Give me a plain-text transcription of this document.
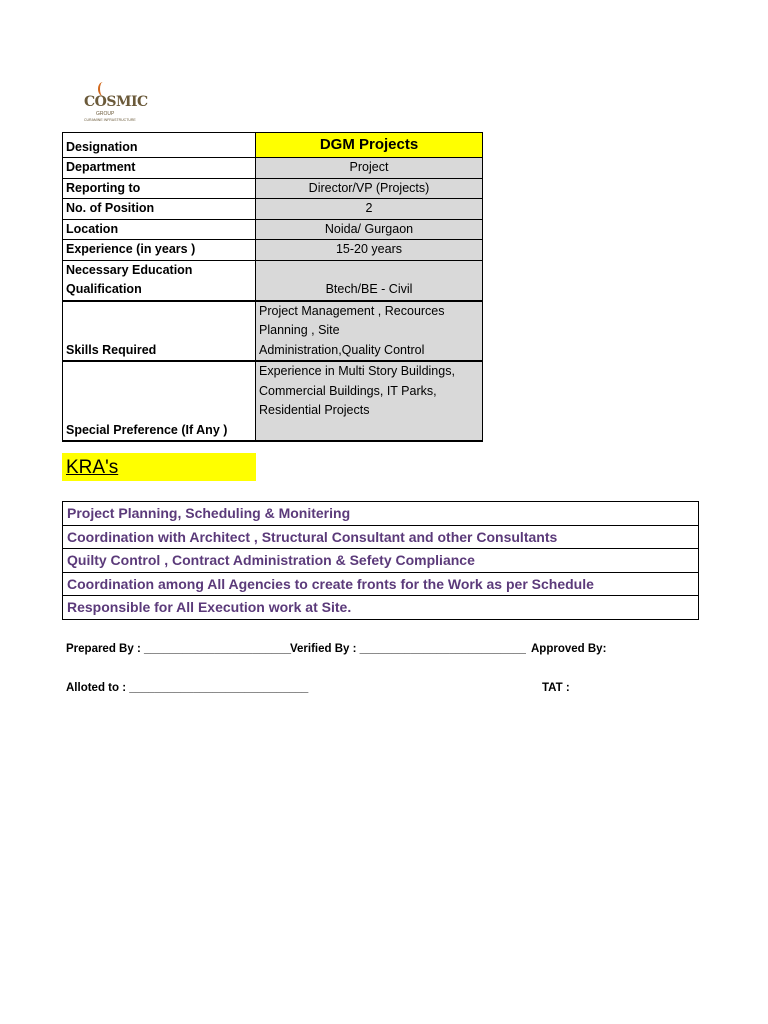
COSMIC
GROUP
CURAMINE INFRASTRUCTURE
Designation	DGM Projects
Department	Project
Reporting to	Director/VP (Projects)
No. of Position	2
Location	Noida/ Gurgaon
Experience (in years )	15-20 years

Necessary Education
Qualification	Btech/BE - Civil
Skills Required	Project Management , Recources
Planning , Site
Administration,Quality Control

Special Preference (If Any )	Experience in Multi Story Buildings,
Commercial Buildings, IT Parks,
Residential Projects
KRA's
Project Planning, Scheduling & Monitering
Coordination with Architect , Structural Consultant and other Consultants
Quilty Control , Contract Administration & Sefety Compliance
Coordination among All Agencies to create fronts for the Work as per Schedule
Responsible for All Execution work at Site.
Prepared By : _______________________
Verified By : __________________________ Approved By:
Alloted to : ____________________________	TAT :
